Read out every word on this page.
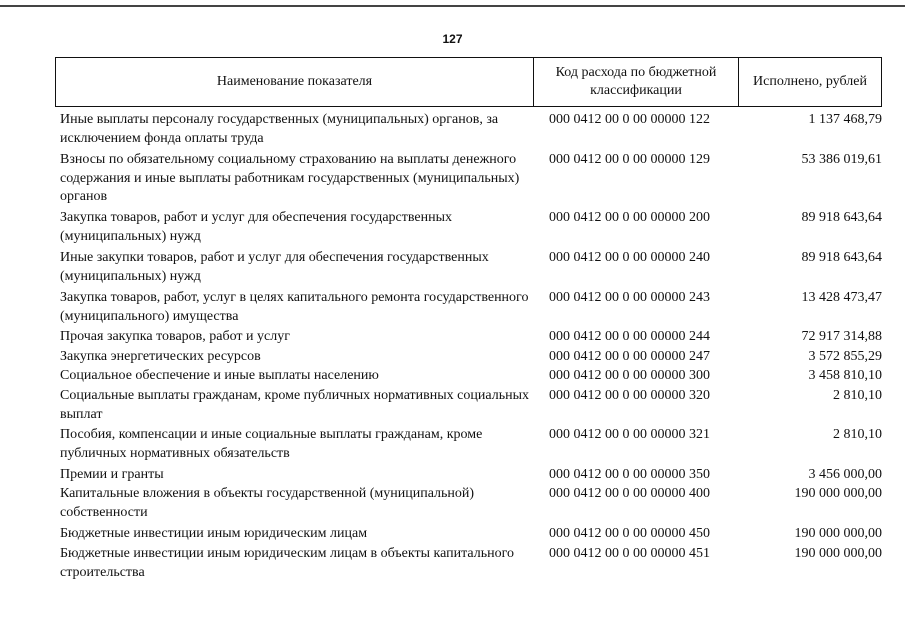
127
Наименование показателя
Код расхода по бюджетной классификации
Исполнено, рублей
Иные выплаты персоналу государственных (муниципальных) органов, за исключением фонда оплаты труда
000 0412 00 0 00 00000 122	1 137 468,79
Взносы по обязательному социальному страхованию на выплаты денежного содержания и иные выплаты работникам государственных (муниципальных) органов
000 0412 00 0 00 00000 129	53 386 019,61
Закупка товаров, работ и услуг для обеспечения государственных (муниципальных) нужд
000 0412 00 0 00 00000 200	89 918 643,64
Иные закупки товаров, работ и услуг для обеспечения государственных (муниципальных) нужд
000 0412 00 0 00 00000 240	89 918 643,64
Закупка товаров, работ, услуг в целях капитального ремонта государственного (муниципального) имущества
000 0412 00 0 00 00000 243	13 428 473,47
Прочая закупка товаров, работ и услуг	000 0412 00 0 00 00000 244	72 917 314,88
Закупка энергетических ресурсов	000 0412 00 0 00 00000 247	3 572 855,29
Социальное обеспечение и иные выплаты населению	000 0412 00 0 00 00000 300	3 458 810,10
Социальные выплаты гражданам, кроме публичных нормативных социальных выплат
000 0412 00 0 00 00000 320	2 810,10
Пособия, компенсации и иные социальные выплаты гражданам, кроме публичных нормативных обязательств
000 0412 00 0 00 00000 321	2 810,10
Премии и гранты	000 0412 00 0 00 00000 350	3 456 000,00
Капитальные вложения в объекты государственной (муниципальной) собственности
000 0412 00 0 00 00000 400	190 000 000,00
Бюджетные инвестиции иным юридическим лицам	000 0412 00 0 00 00000 450	190 000 000,00
Бюджетные инвестиции иным юридическим лицам в объекты капитального строительства
000 0412 00 0 00 00000 451	190 000 000,00
